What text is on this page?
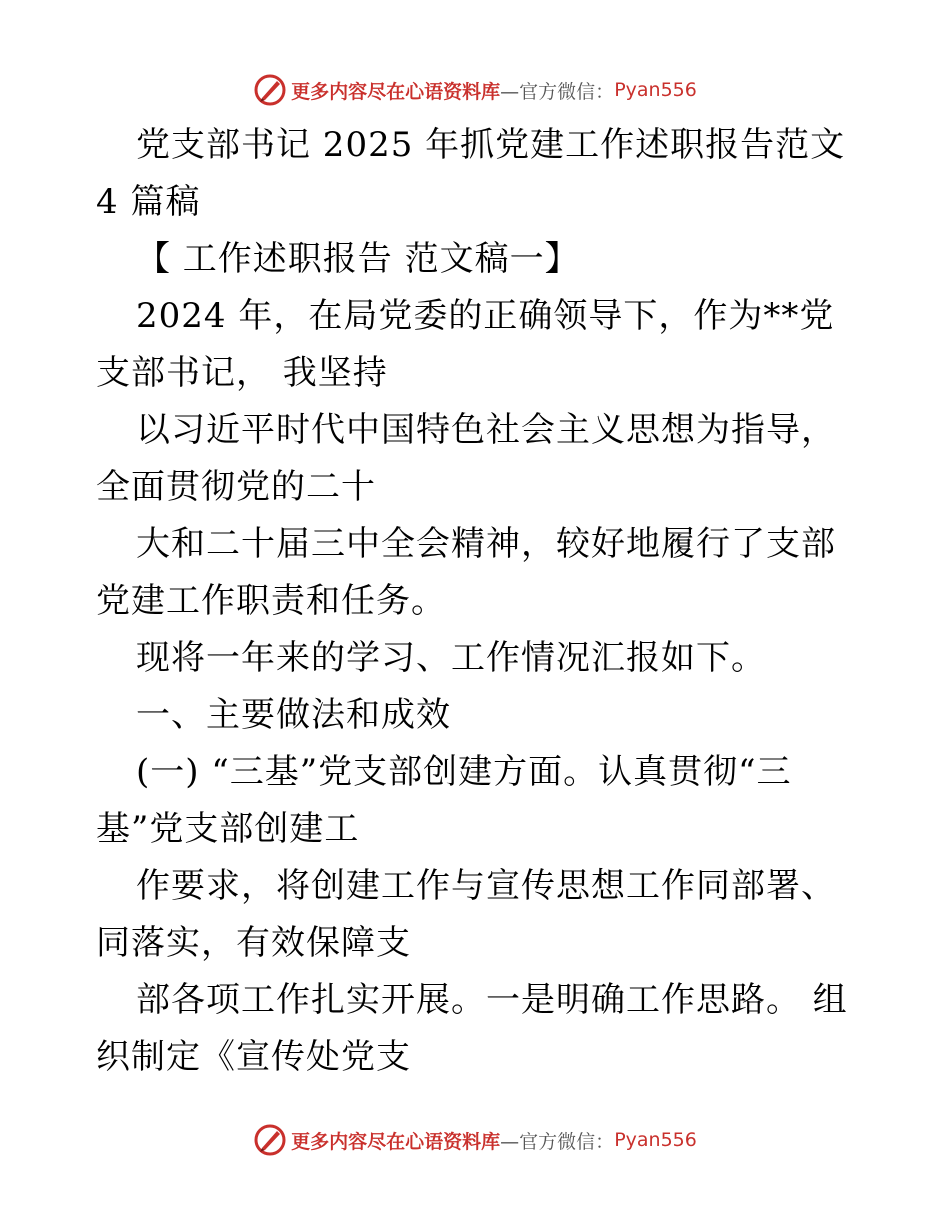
更多内容尽在心语资料库 —官方微信： Pyan556

党支部书记 2025 年抓党建工作述职报告范文 4 篇稿

【 工作述职报告 范文稿一】

2024 年，在局党委的正确领导下，作为**党支部书记， 我坚持

以习近平时代中国特色社会主义思想为指导，全面贯彻党的二十

大和二十届三中全会精神，较好地履行了支部党建工作职责和任务。

现将一年来的学习、工作情况汇报如下。

一、主要做法和成效

(一) “三基”党支部创建方面。认真贯彻“三基”党支部创建工

作要求，将创建工作与宣传思想工作同部署、同落实，有效保障支

部各项工作扎实开展。一是明确工作思路。 组织制定《宣传处党支

更多内容尽在心语资料库 —官方微信： Pyan556
